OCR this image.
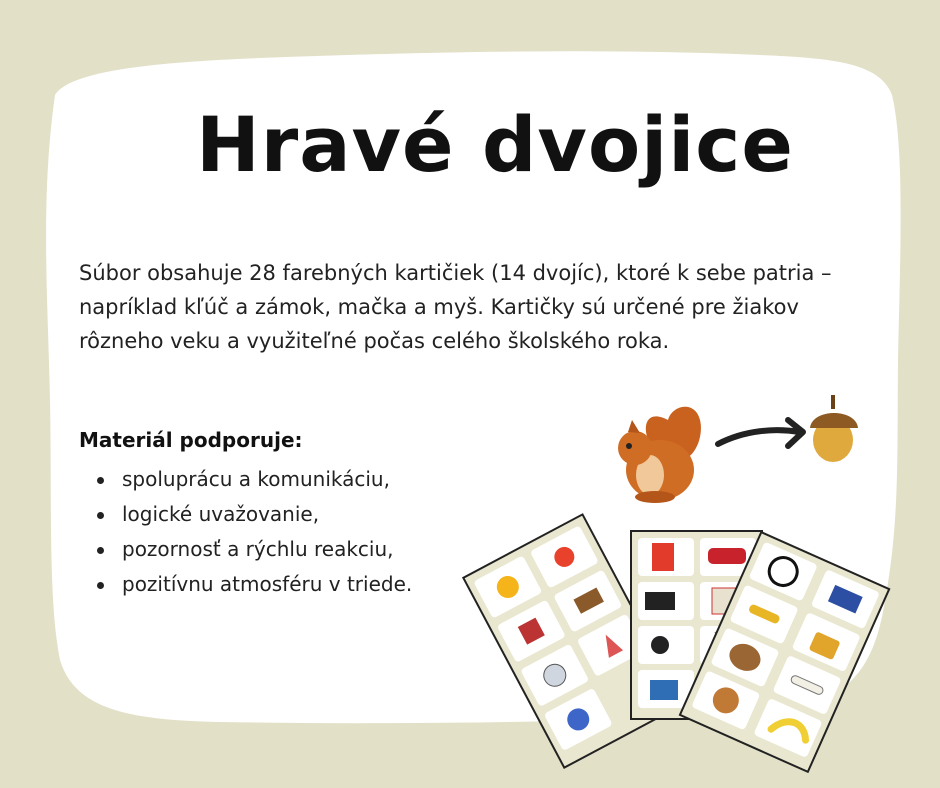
Hravé dvojice
Súbor obsahuje 28 farebných kartičiek (14 dvojíc), ktoré k sebe patria – napríklad kľúč a zámok, mačka a myš. Kartičky sú určené pre žiakov rôzneho veku a využiteľné počas celého školského roka.
Materiál podporuje:
spoluprácu a komunikáciu,
logické uvažovanie,
pozornosť a rýchlu reakciu,
pozitívnu atmosféru v triede.
